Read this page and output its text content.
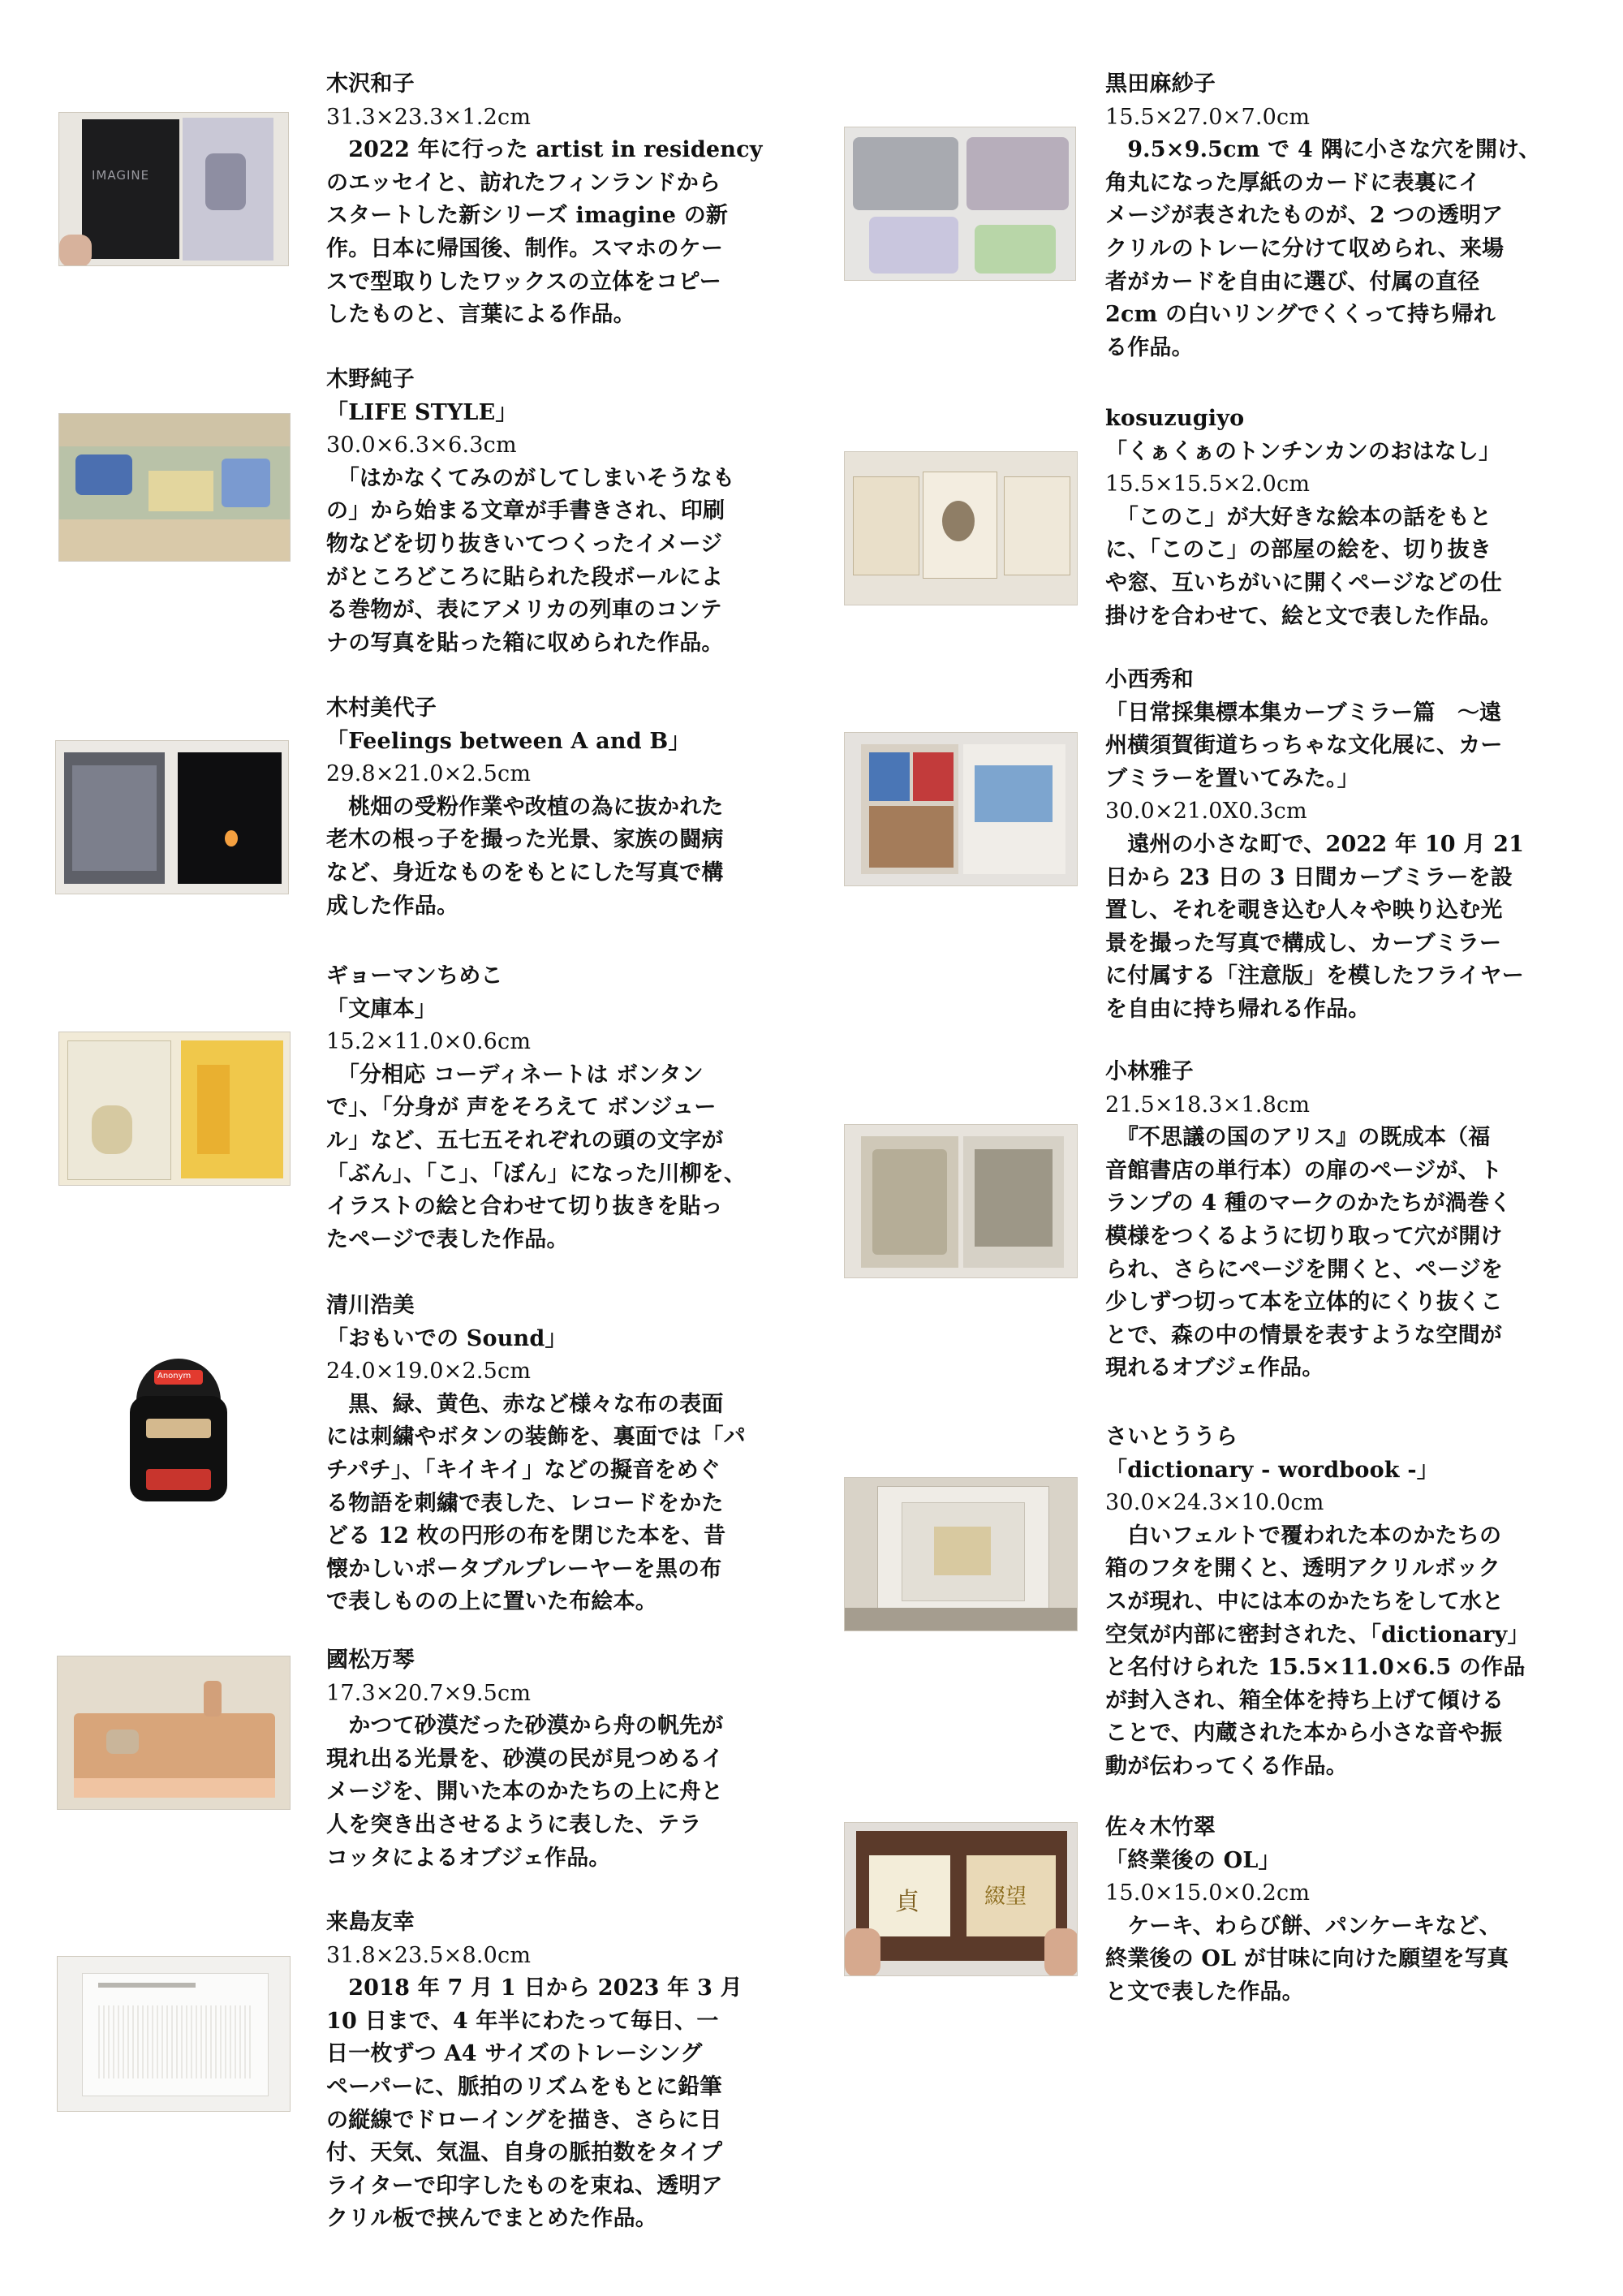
IMAGINE
木沢和子
31.3×23.3×1.2cm
　2022 年に行った artist in residency
のエッセイと、訪れたフィンランドから
スタートした新シリーズ imagine の新
作。日本に帰国後、制作。スマホのケー
スで型取りしたワックスの立体をコピー
したものと、言葉による作品。
木野純子
「LIFE STYLE」
30.0×6.3×6.3cm
　「はかなくてみのがしてしまいそうなも
の」から始まる文章が手書きされ、印刷
物などを切り抜きいてつくったイメージ
がところどころに貼られた段ボールによ
る巻物が、表にアメリカの列車のコンテ
ナの写真を貼った箱に収められた作品。
木村美代子
「Feelings between A and B」
29.8×21.0×2.5cm
　桃畑の受粉作業や改植の為に抜かれた
老木の根っ子を撮った光景、家族の闘病
など、身近なものをもとにした写真で構
成した作品。
ギョーマンちめこ
「文庫本」
15.2×11.0×0.6cm
　「分相応 コーディネートは ボンタン
で」、「分身が 声をそろえて ボンジュー
ル」など、五七五それぞれの頭の文字が
「ぶん」、「こ」、「ぼん」になった川柳を、
イラストの絵と合わせて切り抜きを貼っ
たページで表した作品。
Anonym
清川浩美
「おもいでの Sound」
24.0×19.0×2.5cm
　黒、緑、黄色、赤など様々な布の表面
には刺繍やボタンの装飾を、裏面では「パ
チパチ」、「キイキイ」などの擬音をめぐ
る物語を刺繍で表した、レコードをかた
どる 12 枚の円形の布を閉じた本を、昔
懐かしいポータブルプレーヤーを黒の布
で表しものの上に置いた布絵本。
國松万琴
17.3×20.7×9.5cm
　かつて砂漠だった砂漠から舟の帆先が
現れ出る光景を、砂漠の民が見つめるイ
メージを、開いた本のかたちの上に舟と
人を突き出させるように表した、テラ
コッタによるオブジェ作品。
来島友幸
31.8×23.5×8.0cm
　2018 年 7 月 1 日から 2023 年 3 月
10 日まで、4 年半にわたって毎日、一
日一枚ずつ A4 サイズのトレーシング
ペーパーに、脈拍のリズムをもとに鉛筆
の縦線でドローイングを描き、さらに日
付、天気、気温、自身の脈拍数をタイプ
ライターで印字したものを束ね、透明ア
クリル板で挟んでまとめた作品。
黒田麻紗子
15.5×27.0×7.0cm
　9.5×9.5cm で 4 隅に小さな穴を開け、
角丸になった厚紙のカードに表裏にイ
メージが表されたものが、2 つの透明ア
クリルのトレーに分けて収められ、来場
者がカードを自由に選び、付属の直径
2cm の白いリングでくくって持ち帰れ
る作品。
kosuzugiyo
「くぁくぁのトンチンカンのおはなし」
15.5×15.5×2.0cm
　「このこ」が大好きな絵本の話をもと
に、「このこ」の部屋の絵を、切り抜き
や窓、互いちがいに開くページなどの仕
掛けを合わせて、絵と文で表した作品。
小西秀和
「日常採集標本集カーブミラー篇　～遠
州横須賀街道ちっちゃな文化展に、カー
ブミラーを置いてみた。」
30.0×21.0X0.3cm
　遠州の小さな町で、2022 年 10 月 21
日から 23 日の 3 日間カーブミラーを設
置し、それを覗き込む人々や映り込む光
景を撮った写真で構成し、カーブミラー
に付属する「注意版」を模したフライヤー
を自由に持ち帰れる作品。
小林雅子
21.5×18.3×1.8cm
　『不思議の国のアリス』の既成本（福
音館書店の単行本）の扉のページが、ト
ランプの 4 種のマークのかたちが渦巻く
模様をつくるように切り取って穴が開け
られ、さらにページを開くと、ページを
少しずつ切って本を立体的にくり抜くこ
とで、森の中の情景を表すような空間が
現れるオブジェ作品。
さいとううら
「dictionary - wordbook -」
30.0×24.3×10.0cm
　白いフェルトで覆われた本のかたちの
箱のフタを開くと、透明アクリルボック
スが現れ、中には本のかたちをして水と
空気が内部に密封された、「dictionary」
と名付けられた 15.5×11.0×6.5 の作品
が封入され、箱全体を持ち上げて傾ける
ことで、内蔵された本から小さな音や振
動が伝わってくる作品。
貞	綴望
佐々木竹翠
「終業後の OL」
15.0×15.0×0.2cm
　ケーキ、わらび餅、パンケーキなど、
終業後の OL が甘味に向けた願望を写真
と文で表した作品。
